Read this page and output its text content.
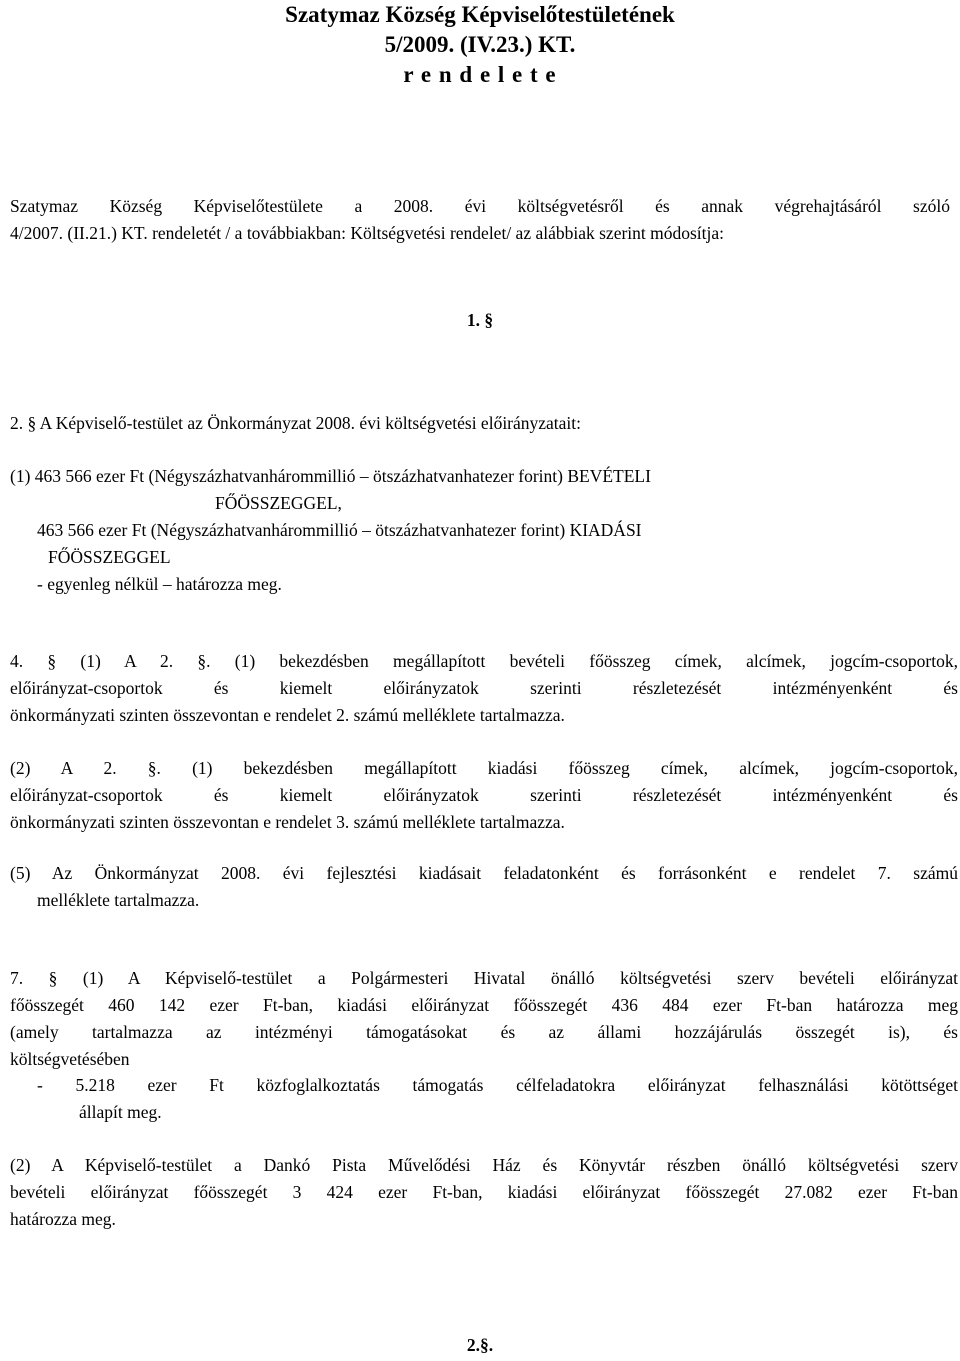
Szatymaz Község Képviselőtestületének
5/2009. (IV.23.) KT.
r e n d e l e t e
Szatymaz Község Képviselőtestülete a 2008. évi költségvetésről és annak végrehajtásáról szóló
4/2007. (II.21.) KT. rendeletét / a továbbiakban: Költségvetési rendelet/ az alábbiak szerint módosítja:
1. §
2. § A Képviselő-testület az Önkormányzat 2008. évi költségvetési előirányzatait:
(1) 463 566 ezer Ft (Négyszázhatvanhárommillió – ötszázhatvanhatezer forint) BEVÉTELI
FŐÖSSZEGGEL,
463 566 ezer Ft (Négyszázhatvanhárommillió – ötszázhatvanhatezer forint) KIADÁSI
FŐÖSSZEGGEL
- egyenleg nélkül – határozza meg.
4. § (1) A 2. §. (1) bekezdésben megállapított bevételi főösszeg címek, alcímek, jogcím-csoportok,
előirányzat-csoportok és kiemelt előirányzatok szerinti részletezését intézményenként és
önkormányzati szinten összevontan e rendelet 2. számú melléklete tartalmazza.
(2) A 2. §. (1) bekezdésben megállapított kiadási főösszeg címek, alcímek, jogcím-csoportok,
előirányzat-csoportok és kiemelt előirányzatok szerinti részletezését intézményenként és
önkormányzati szinten összevontan e rendelet 3. számú melléklete tartalmazza.
(5) Az Önkormányzat 2008. évi fejlesztési kiadásait feladatonként és forrásonként e rendelet 7. számú
melléklete tartalmazza.
7. § (1) A Képviselő-testület a Polgármesteri Hivatal önálló költségvetési szerv bevételi előirányzat
főösszegét 460 142 ezer Ft-ban, kiadási előirányzat főösszegét 436 484 ezer Ft-ban határozza meg
(amely tartalmazza az intézményi támogatásokat és az állami hozzájárulás összegét is), és
költségvetésében
- 5.218 ezer Ft közfoglalkoztatás támogatás célfeladatokra előirányzat felhasználási kötöttséget
állapít meg.
(2) A Képviselő-testület a Dankó Pista Művelődési Ház és Könyvtár részben önálló költségvetési szerv
bevételi előirányzat főösszegét 3 424 ezer Ft-ban, kiadási előirányzat főösszegét 27.082 ezer Ft-ban
határozza meg.
2.§.
